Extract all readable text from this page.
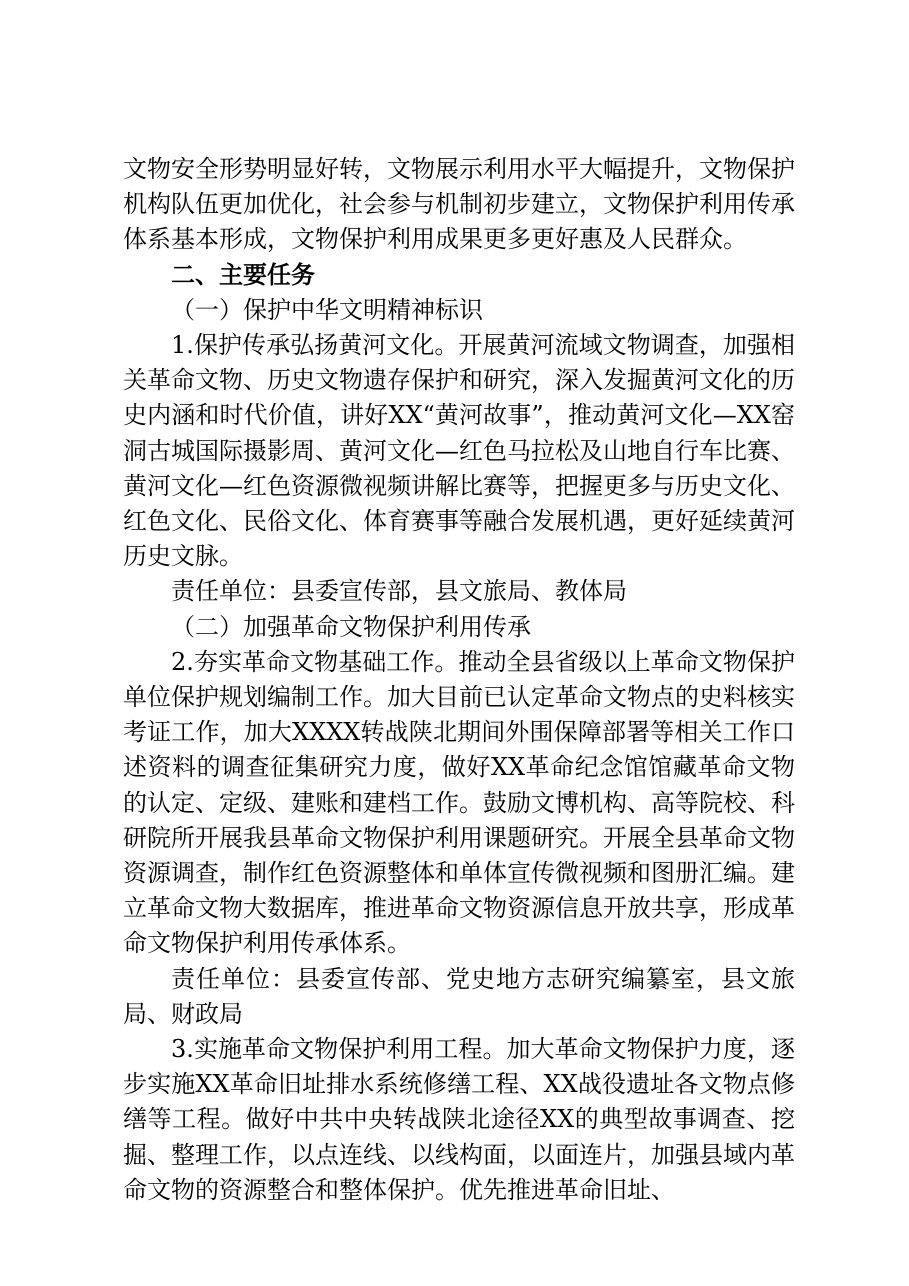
文物安全形势明显好转，文物展示利用水平大幅提升，文物保护机构队伍更加优化，社会参与机制初步建立，文物保护利用传承体系基本形成，文物保护利用成果更多更好惠及人民群众。

二、主要任务

（一）保护中华文明精神标识

1.保护传承弘扬黄河文化。开展黄河流域文物调查，加强相关革命文物、历史文物遗存保护和研究，深入发掘黄河文化的历史内涵和时代价值，讲好XX“黄河故事”，推动黄河文化—XX窑洞古城国际摄影周、黄河文化—红色马拉松及山地自行车比赛、黄河文化—红色资源微视频讲解比赛等，把握更多与历史文化、红色文化、民俗文化、体育赛事等融合发展机遇，更好延续黄河历史文脉。

责任单位：县委宣传部，县文旅局、教体局

（二）加强革命文物保护利用传承

2.夯实革命文物基础工作。推动全县省级以上革命文物保护单位保护规划编制工作。加大目前已认定革命文物点的史料核实考证工作，加大XXXX转战陕北期间外围保障部署等相关工作口述资料的调查征集研究力度，做好XX革命纪念馆馆藏革命文物的认定、定级、建账和建档工作。鼓励文博机构、高等院校、科研院所开展我县革命文物保护利用课题研究。开展全县革命文物资源调查，制作红色资源整体和单体宣传微视频和图册汇编。建立革命文物大数据库，推进革命文物资源信息开放共享，形成革命文物保护利用传承体系。

责任单位：县委宣传部、党史地方志研究编纂室，县文旅局、财政局

3.实施革命文物保护利用工程。加大革命文物保护力度，逐步实施XX革命旧址排水系统修缮工程、XX战役遗址各文物点修缮等工程。做好中共中央转战陕北途径XX的典型故事调查、挖掘、整理工作，以点连线、以线构面，以面连片，加强县域内革命文物的资源整合和整体保护。优先推进革命旧址、
